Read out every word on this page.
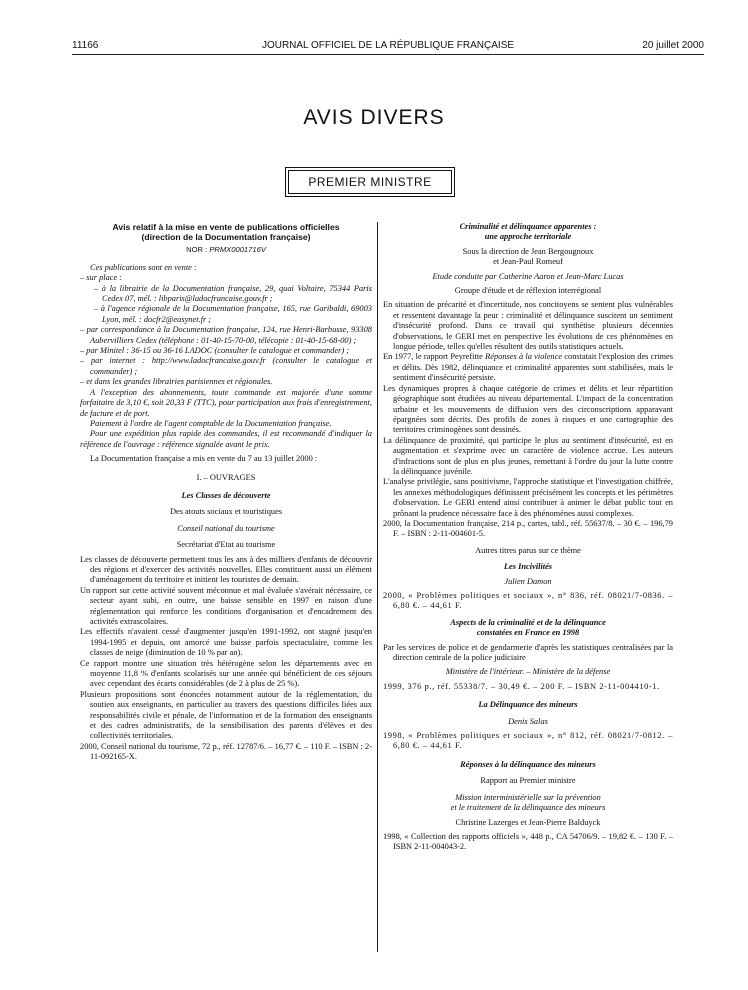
11166	JOURNAL OFFICIEL DE LA RÉPUBLIQUE FRANÇAISE	20 juillet 2000
AVIS DIVERS
PREMIER MINISTRE
Avis relatif à la mise en vente de publications officielles
(direction de la Documentation française)
NOR : PRMX0001716V

Ces publications sont en vente :

– sur place :

– à la librairie de la Documentation française, 29, quai Voltaire, 75344 Paris Cedex 07, mél. : libparis@ladocfrancaise.gouv.fr ;

– à l'agence régionale de la Documentation française, 165, rue Garibaldi, 69003 Lyon, mél. : docfr2@easynet.fr ;

– par correspondance à la Documentation française, 124, rue Henri-Barbusse, 93308 Aubervilliers Cedex (téléphone : 01-40-15-70-00, télécopie : 01-40-15-68-00) ;

– par Minitel : 36-15 ou 36-16 LADOC (consulter le catalogue et commander) ;

– par internet : http://www.ladocfrancaise.gouv.fr (consulter le catalogue et commander) ;

– et dans les grandes librairies parisiennes et régionales.

A l'exception des abonnements, toute commande est majorée d'une somme forfaitaire de 3,10 €, soit 20,33 F (TTC), pour participation aux frais d'enregistrement, de facture et de port.

Paiement à l'ordre de l'agent comptable de la Documentation française.

Pour une expédition plus rapide des commandes, il est recommandé d'indiquer la référence de l'ouvrage : référence signalée avant le prix.

La Documentation française a mis en vente du 7 au 13 juillet 2000 :

I. – OUVRAGES

Les Classes de découverte

Des atouts sociaux et touristiques

Conseil national du tourisme

Secrétariat d'Etat au tourisme

Les classes de découverte permettent tous les ans à des milliers d'enfants de découvrir des régions et d'exercer des activités nouvelles. Elles constituent aussi un élément d'aménagement du territoire et initient les touristes de demain.

Un rapport sur cette activité souvent méconnue et mal évaluée s'avérait nécessaire, ce secteur ayant subi, en outre, une baisse sensible en 1997 en raison d'une réglementation qui renforce les conditions d'organisation et d'encadrement des activités extrascolaires.

Les effectifs n'avaient cessé d'augmenter jusqu'en 1991-1992, ont stagné jusqu'en 1994-1995 et depuis, ont amorcé une baisse parfois spectaculaire, comme les classes de neige (diminution de 10 % par an).

Ce rapport montre une situation très hétérogène selon les départements avec en moyenne 11,8 % d'enfants scolarisés sur une année qui bénéficient de ces séjours avec cependant des écarts considérables (de 2 à plus de 25 %).

Plusieurs propositions sont énoncées notamment autour de la réglementation, du soutien aux enseignants, en particulier au travers des questions difficiles liées aux responsabilités civile et pénale, de l'information et de la formation des enseignants et des cadres administratifs, de la sensibilisation des parents d'élèves et des collectivités territoriales.

2000, Conseil national du tourisme, 72 p., réf. 12787/6. – 16,77 €. – 110 F. – ISBN : 2-11-092165-X.

Criminalité et délinquance apparentes :

une approche territoriale

Sous la direction de Jean Bergougnoux

et Jean-Paul Romeuf

Etude conduite par Catherine Aaron et Jean-Marc Lucas

Groupe d'étude et de réflexion interrégional

En situation de précarité et d'incertitude, nos concitoyens se sentent plus vulnérables et ressentent davantage la peur : criminalité et délinquance suscitent un sentiment d'insécurité profond. Dans ce travail qui synthétise plusieurs décennies d'observations, le GERI met en perspective les évolutions de ces phénomènes en longue période, telles qu'elles résultent des outils statistiques actuels.

En 1977, le rapport Peyrefitte Réponses à la violence constatait l'explosion des crimes et délits. Dès 1982, délinquance et criminalité apparentes sont stabilisées, mais le sentiment d'insécurité persiste.

Les dynamiques propres à chaque catégorie de crimes et délits et leur répartition géographique sont étudiées au niveau départemental. L'impact de la concentration urbaine et les mouvements de diffusion vers des circonscriptions apparavant épargnées sont décrits. Des profils de zones à risques et une cartographie des territoires criminogènes sont dessinés.

La délinquance de proximité, qui participe le plus au sentiment d'insécurité, est en augmentation et s'exprime avec un caractère de violence accrue. Les auteurs d'infractions sont de plus en plus jeunes, remettant à l'ordre du jour la lutte contre la délinquance juvénile.

L'analyse privilégie, sans positivisme, l'approche statistique et l'investigation chiffrée, les annexes méthodologiques définissent précisément les concepts et les périmètres d'observation. Le GERI entend ainsi contribuer à animer le débat public tout en prônant la prudence nécessaire face à des phénomènes aussi complexes.

2000, la Documentation française, 214 p., cartes, tabl., réf. 55637/8. – 30 €. – 196,79 F. – ISBN : 2-11-004601-5.

Autres titres parus sur ce thème

Les Incivilités

Julien Damon

2000, « Problèmes politiques et sociaux », n° 836, réf. 08021/7-0836. – 6,80 €. – 44,61 F.

Aspects de la criminalité et de la délinquance

constatées en France en 1998

Par les services de police et de gendarmerie d'après les statistiques centralisées par la direction centrale de la police judiciaire

Ministère de l'intérieur. – Ministère de la défense

1999, 376 p., réf. 55338/7. – 30,49 €. – 200 F. – ISBN 2-11-004410-1.

La Délinquance des mineurs

Denis Salas

1998, « Problèmes politiques et sociaux », n° 812, réf. 08021/7-0812. – 6,80 €. – 44,61 F.

Réponses à la délinquance des mineurs

Rapport au Premier ministre

Mission interministérielle sur la prévention

et le traitement de la délinquance des mineurs

Christine Lazerges et Jean-Pierre Balduyck

1998, « Collection des rapports officiels », 448 p., CA 54706/9. – 19,82 €. – 130 F. – ISBN 2-11-004043-2.
